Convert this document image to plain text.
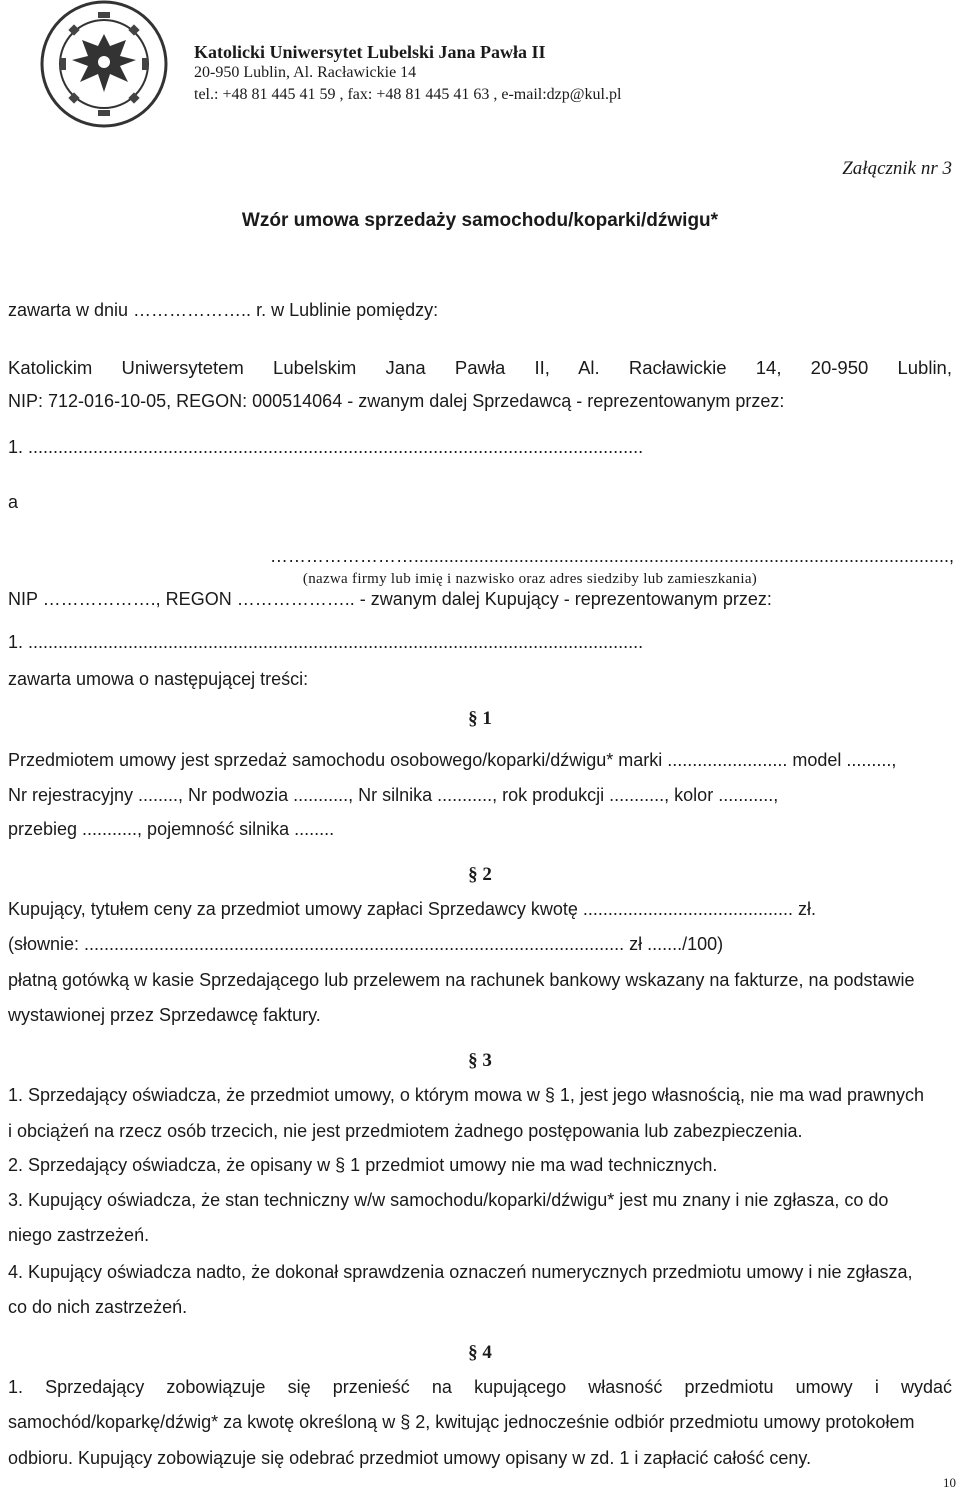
Katolicki Uniwersytet Lubelski Jana Pawła II
20-950 Lublin, Al. Racławickie 14
tel.: +48 81 445 41 59 , fax: +48 81 445 41 63 , e-mail:dzp@kul.pl
Załącznik nr 3
Wzór umowa sprzedaży samochodu/koparki/dźwigu*
zawarta w dniu ……………….. r. w Lublinie pomiędzy:
Katolickim Uniwersytetem Lubelskim Jana Pawła II, Al. Racławickie 14, 20-950 Lublin,
NIP: 712-016-10-05, REGON: 000514064 - zwanym dalej Sprzedawcą - reprezentowanym przez:
1. ...........................................................................................................................
a
……………………...........................................................................................................,
(nazwa firmy lub imię i nazwisko oraz adres siedziby lub zamieszkania)
NIP ………………., REGON ……………….. - zwanym dalej Kupujący - reprezentowanym przez:
1. ...........................................................................................................................
zawarta umowa o następującej treści:
§ 1
Przedmiotem umowy jest sprzedaż samochodu osobowego/koparki/dźwigu* marki ........................ model .........,
Nr rejestracyjny ........, Nr podwozia ..........., Nr silnika ..........., rok produkcji ..........., kolor ...........,
przebieg ..........., pojemność silnika ........
§ 2
Kupujący, tytułem ceny za przedmiot umowy zapłaci Sprzedawcy kwotę .......................................... zł.
(słownie: ............................................................................................................ zł ......./100)
płatną gotówką w kasie Sprzedającego lub przelewem na rachunek bankowy wskazany na fakturze, na podstawie
wystawionej przez Sprzedawcę faktury.
§ 3
1. Sprzedający oświadcza, że przedmiot umowy, o którym mowa w § 1, jest jego własnością, nie ma wad prawnych
i obciążeń na rzecz osób trzecich, nie jest przedmiotem żadnego postępowania lub zabezpieczenia.
2. Sprzedający oświadcza, że opisany w § 1 przedmiot umowy nie ma wad technicznych.
3. Kupujący oświadcza, że stan techniczny w/w samochodu/koparki/dźwigu* jest mu znany i nie zgłasza, co do
niego zastrzeżeń.
4. Kupujący oświadcza nadto, że dokonał sprawdzenia oznaczeń numerycznych przedmiotu umowy i nie zgłasza,
co do nich zastrzeżeń.
§ 4
1. Sprzedający zobowiązuje się przenieść na kupującego własność przedmiotu umowy i wydać
samochód/koparkę/dźwig* za kwotę określoną w § 2, kwitując jednocześnie odbiór przedmiotu umowy protokołem
odbioru. Kupujący zobowiązuje się odebrać przedmiot umowy opisany w zd. 1 i zapłacić całość ceny.
10
